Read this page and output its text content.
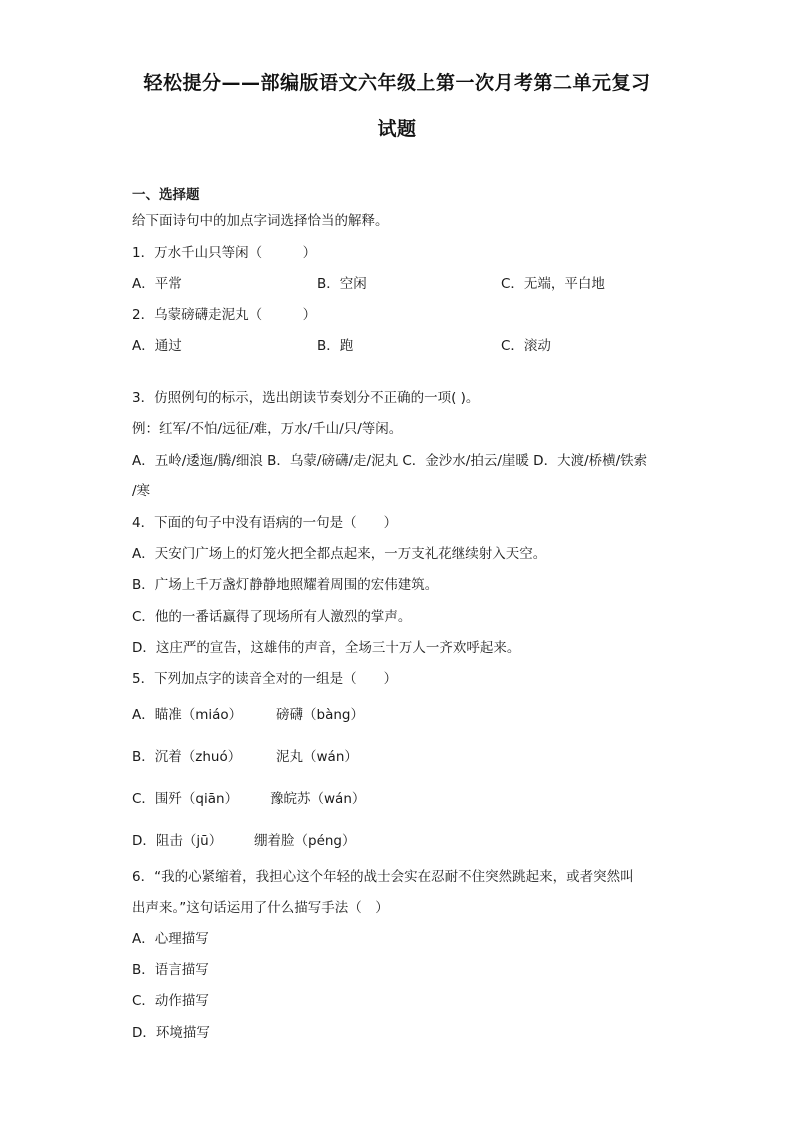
轻松提分——部编版语文六年级上第一次月考第二单元复习
试题
一、选择题
给下面诗句中的加点字词选择恰当的解释。
1．万水千山只等闲（　　　）
A．平常	B．空闲	C．无端，平白地
2．乌蒙磅礴走泥丸（　　　）
A．通过	B．跑	C．滚动
3．仿照例句的标示，选出朗读节奏划分不正确的一项( )。
例：红军/不怕/远征/难，万水/千山/只/等闲。
A．五岭/逶迤/腾/细浪 B．乌蒙/磅礴/走/泥丸 C．金沙水/拍云/崖暖 D．大渡/桥横/铁索
/寒
4．下面的句子中没有语病的一句是（　　）
A．天安门广场上的灯笼火把全都点起来，一万支礼花继续射入天空。
B．广场上千万盏灯静静地照耀着周围的宏伟建筑。
C．他的一番话赢得了现场所有人激烈的掌声。
D．这庄严的宣告，这雄伟的声音，全场三十万人一齐欢呼起来。
5．下列加点字的读音全对的一组是（　　）
A．瞄准（miáo）	磅礴（bàng）
B．沉着（zhuó）	泥丸（wán）
C．围歼（qiān） 豫皖苏（wán）
D．阻击（jū） 绷着脸（péng）
6．“我的心紧缩着，我担心这个年轻的战士会实在忍耐不住突然跳起来，或者突然叫
出声来。”这句话运用了什么描写手法（　）
A．心理描写
B．语言描写
C．动作描写
D．环境描写
